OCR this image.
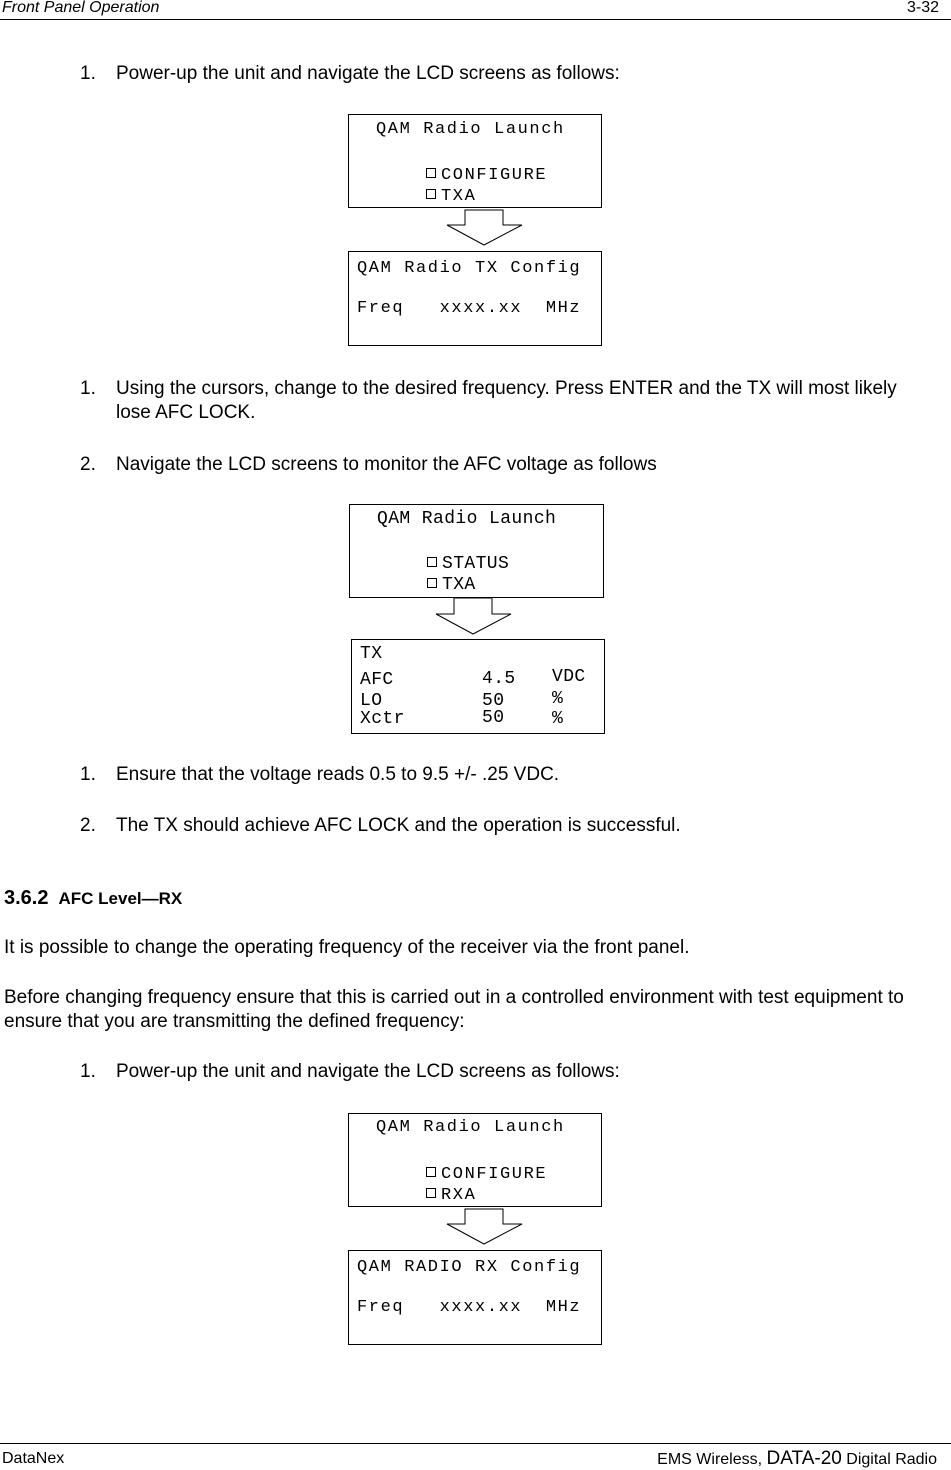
Front Panel Operation	3-32
1. Power-up the unit and navigate the LCD screens as follows:
QAM Radio Launch
CONFIGURE
TXA
QAM Radio TX Config
Freq   xxxx.xx  MHz
1. Using the cursors, change to the desired frequency. Press ENTER and the TX will most likely lose AFC LOCK.
2. Navigate the LCD screens to monitor the AFC voltage as follows
QAM Radio Launch
STATUS
TXA
TX
AFC	4.5 VDC
LO	50	%
Xctr	50	%
1. Ensure that the voltage reads 0.5 to 9.5 +/- .25 VDC.
2. The TX should achieve AFC LOCK and the operation is successful.
3.6.2 AFC Level—RX
It is possible to change the operating frequency of the receiver via the front panel.
Before changing frequency ensure that this is carried out in a controlled environment with test equipment to ensure that you are transmitting the defined frequency:
1. Power-up the unit and navigate the LCD screens as follows:
QAM Radio Launch
CONFIGURE
RXA
QAM RADIO RX Config
Freq   xxxx.xx  MHz
DataNex	EMS Wireless, DATA-20 Digital Radio
